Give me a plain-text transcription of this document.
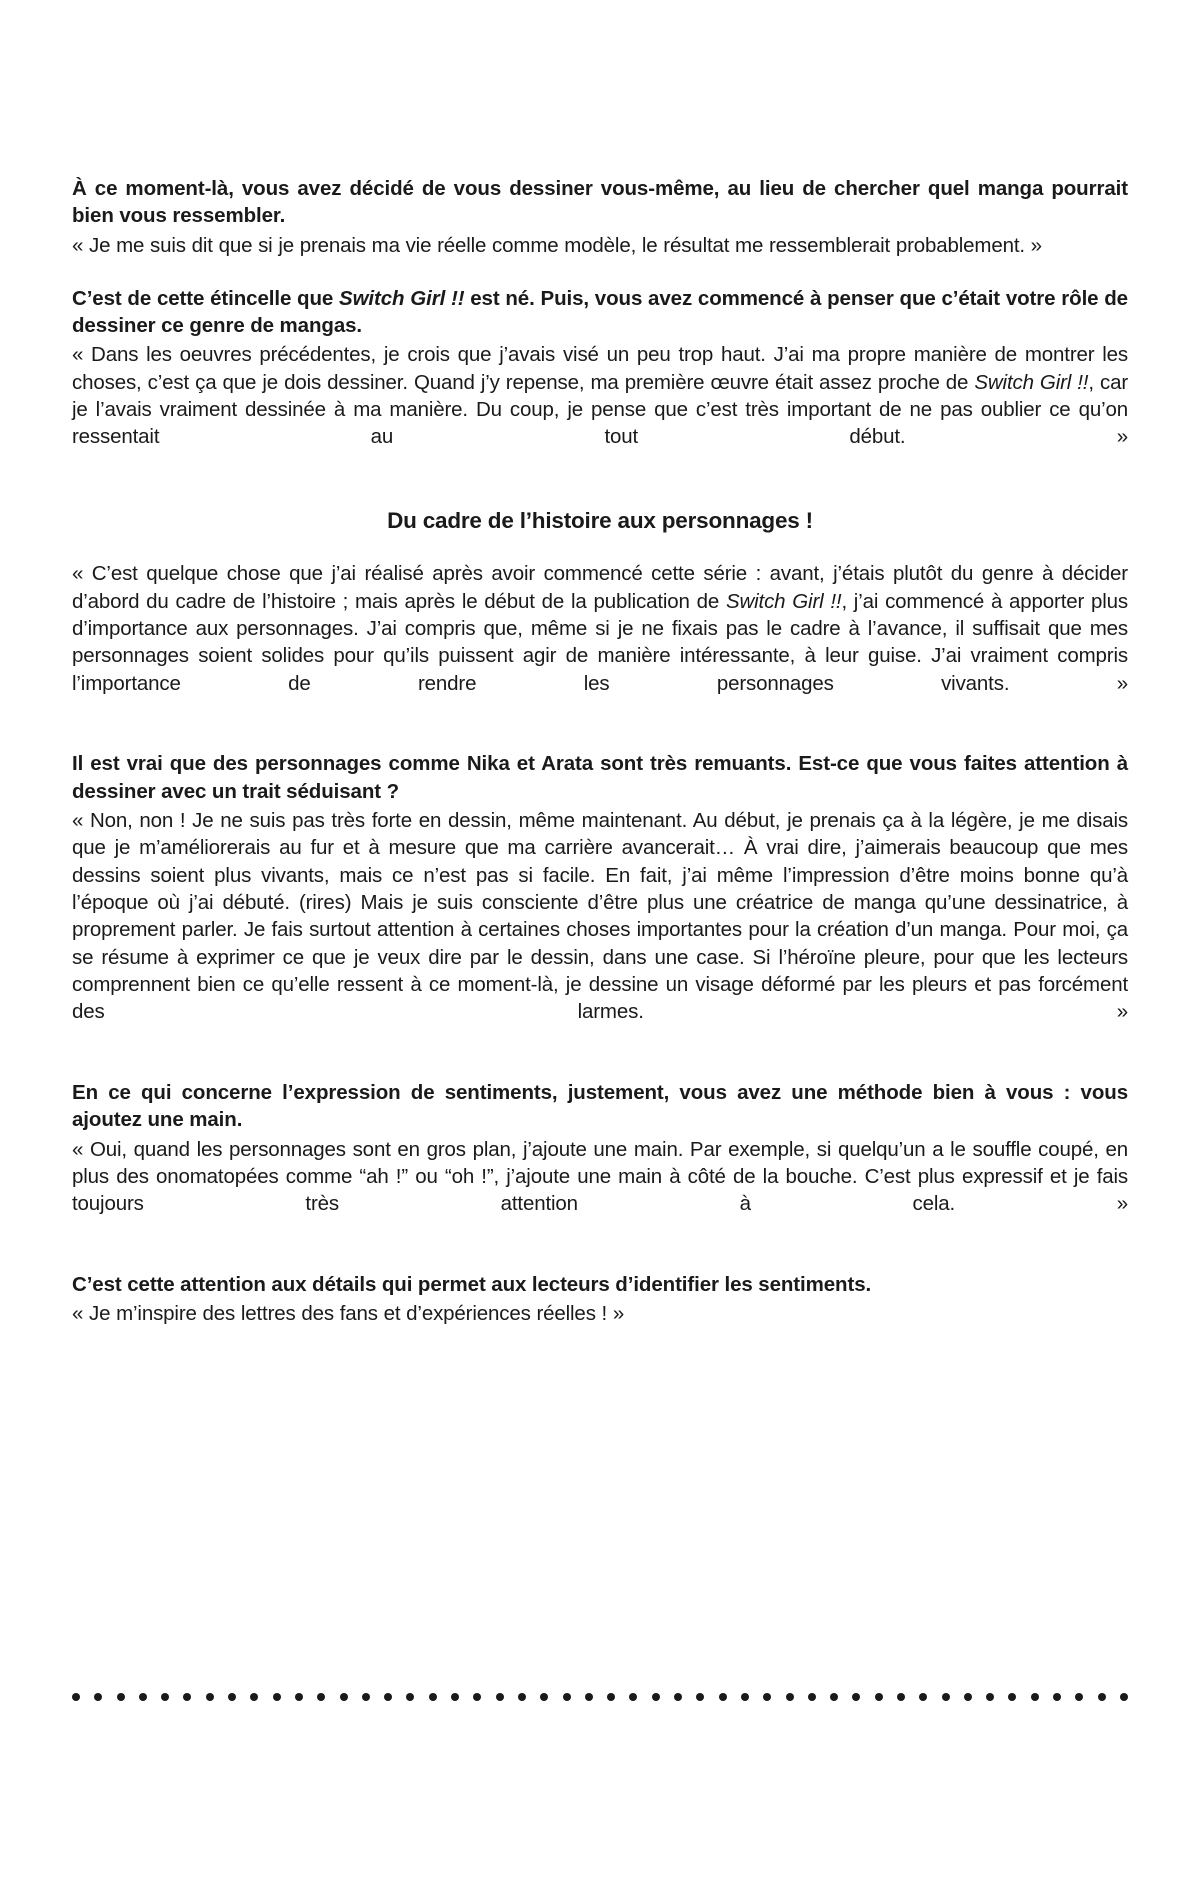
À ce moment-là, vous avez décidé de vous dessiner vous-même, au lieu de chercher quel manga pourrait bien vous ressembler.

« Je me suis dit que si je prenais ma vie réelle comme modèle, le résultat me ressemblerait probablement. »

C’est de cette étincelle que Switch Girl !! est né. Puis, vous avez commencé à penser que c’était votre rôle de dessiner ce genre de mangas.

« Dans les oeuvres précédentes, je crois que j’avais visé un peu trop haut. J’ai ma propre manière de montrer les choses, c’est ça que je dois dessiner. Quand j’y repense, ma première œuvre était assez proche de Switch Girl !!, car je l’avais vraiment dessinée à ma manière. Du coup, je pense que c’est très important de ne pas oublier ce qu’on ressentait au tout début. »

Du cadre de l’histoire aux personnages !

« C’est quelque chose que j’ai réalisé après avoir commencé cette série : avant, j’étais plutôt du genre à décider d’abord du cadre de l’histoire ; mais après le début de la publication de Switch Girl !!, j’ai commencé à apporter plus d’importance aux personnages. J’ai compris que, même si je ne fixais pas le cadre à l’avance, il suffisait que mes personnages soient solides pour qu’ils puissent agir de manière intéressante, à leur guise. J’ai vraiment compris l’importance de rendre les personnages vivants. »

Il est vrai que des personnages comme Nika et Arata sont très remuants. Est-ce que vous faites attention à dessiner avec un trait séduisant ?

« Non, non ! Je ne suis pas très forte en dessin, même maintenant. Au début, je prenais ça à la légère, je me disais que je m’améliorerais au fur et à mesure que ma carrière avancerait… À vrai dire, j’aimerais beaucoup que mes dessins soient plus vivants, mais ce n’est pas si facile. En fait, j’ai même l’impression d’être moins bonne qu’à l’époque où j’ai débuté. (rires) Mais je suis consciente d’être plus une créatrice de manga qu’une dessinatrice, à proprement parler. Je fais surtout attention à certaines choses importantes pour la création d’un manga. Pour moi, ça se résume à exprimer ce que je veux dire par le dessin, dans une case. Si l’héroïne pleure, pour que les lecteurs comprennent bien ce qu’elle ressent à ce moment-là, je dessine un visage déformé par les pleurs et pas forcément des larmes. »

En ce qui concerne l’expression de sentiments, justement, vous avez une méthode bien à vous : vous ajoutez une main.

« Oui, quand les personnages sont en gros plan, j’ajoute une main. Par exemple, si quelqu’un a le souffle coupé, en plus des onomatopées comme “ah !” ou “oh !”, j’ajoute une main à côté de la bouche. C’est plus expressif et je fais toujours très attention à cela. »

C’est cette attention aux détails qui permet aux lecteurs d’identifier les sentiments.

« Je m’inspire des lettres des fans et d’expériences réelles ! »
